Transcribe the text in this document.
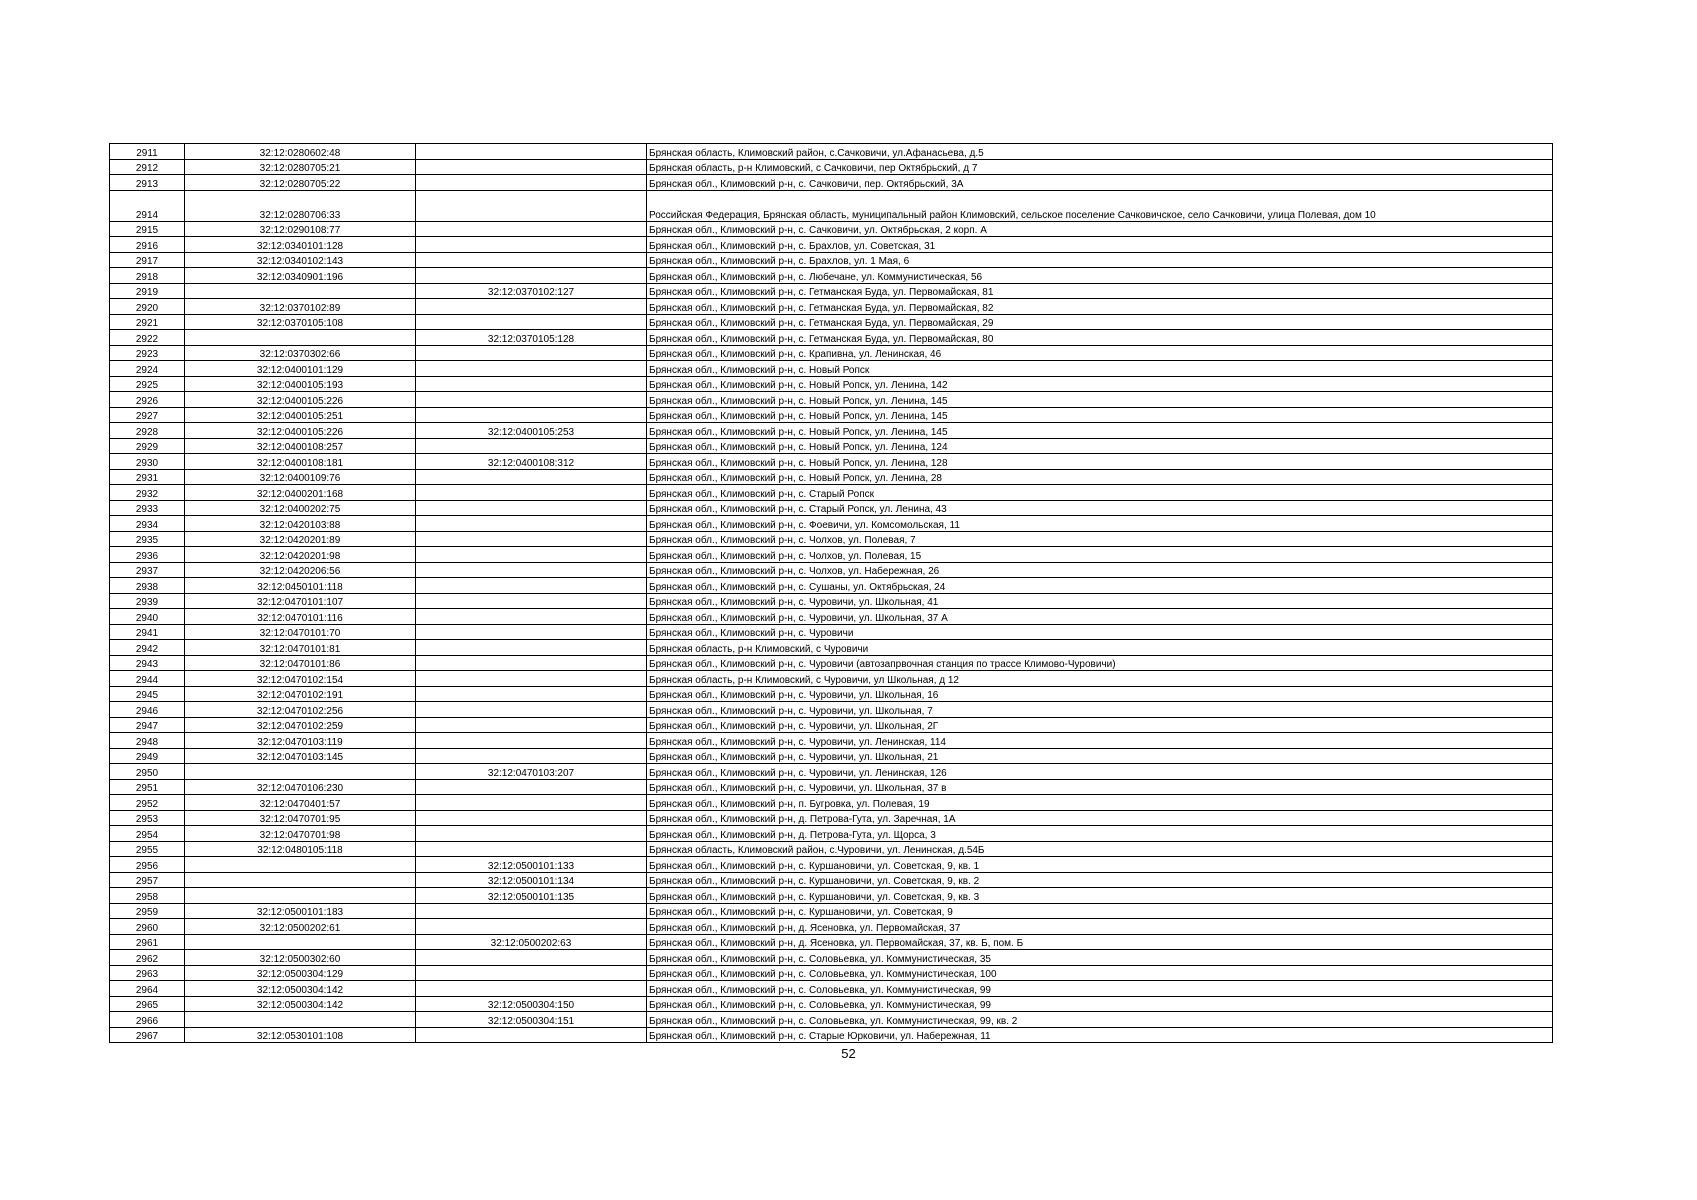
2911	32:12:0280602:48		Брянская область, Климовский район, с.Сачковичи, ул.Афанасьева, д.5
2912	32:12:0280705:21		Брянская область, р-н Климовский, с Сачковичи, пер Октябрьский, д 7
2913	32:12:0280705:22		Брянская обл., Климовский р-н, с. Сачковичи, пер. Октябрьский, 3А
2914	32:12:0280706:33		Российская Федерация, Брянская область, муниципальный район Климовский, сельское поселение Сачковичское, село Сачковичи, улица Полевая, дом 10
2915	32:12:0290108:77		Брянская обл., Климовский р-н, с. Сачковичи, ул. Октябрьская, 2 корп. А
2916	32:12:0340101:128		Брянская обл., Климовский р-н, с. Брахлов, ул. Советская, 31
2917	32:12:0340102:143		Брянская обл., Климовский р-н, с. Брахлов, ул. 1 Мая, 6
2918	32:12:0340901:196		Брянская обл., Климовский р-н, с. Любечане, ул. Коммунистическая, 56
2919		32:12:0370102:127	Брянская обл., Климовский р-н, с. Гетманская Буда, ул. Первомайская, 81
2920	32:12:0370102:89		Брянская обл., Климовский р-н, с. Гетманская Буда, ул. Первомайская, 82
2921	32:12:0370105:108		Брянская обл., Климовский р-н, с. Гетманская Буда, ул. Первомайская, 29
2922		32:12:0370105:128	Брянская обл., Климовский р-н, с. Гетманская Буда, ул. Первомайская, 80
2923	32:12:0370302:66		Брянская обл., Климовский р-н, с. Крапивна, ул. Ленинская, 46
2924	32:12:0400101:129		Брянская обл., Климовский р-н, с. Новый Ропск
2925	32:12:0400105:193		Брянская обл., Климовский р-н, с. Новый Ропск, ул. Ленина, 142
2926	32:12:0400105:226		Брянская обл., Климовский р-н, с. Новый Ропск, ул. Ленина, 145
2927	32:12:0400105:251		Брянская обл., Климовский р-н, с. Новый Ропск, ул. Ленина, 145
2928	32:12:0400105:226	32:12:0400105:253	Брянская обл., Климовский р-н, с. Новый Ропск, ул. Ленина, 145
2929	32:12:0400108:257		Брянская обл., Климовский р-н, с. Новый Ропск, ул. Ленина, 124
2930	32:12:0400108:181	32:12:0400108:312	Брянская обл., Климовский р-н, с. Новый Ропск, ул. Ленина, 128
2931	32:12:0400109:76		Брянская обл., Климовский р-н, с. Новый Ропск, ул. Ленина, 28
2932	32:12:0400201:168		Брянская обл., Климовский р-н, с. Старый Ропск
2933	32:12:0400202:75		Брянская обл., Климовский р-н, с. Старый Ропск, ул. Ленина, 43
2934	32:12:0420103:88		Брянская обл., Климовский р-н, с. Фоевичи, ул. Комсомольская, 11
2935	32:12:0420201:89		Брянская обл., Климовский р-н, с. Чолхов, ул. Полевая, 7
2936	32:12:0420201:98		Брянская обл., Климовский р-н, с. Чолхов, ул. Полевая, 15
2937	32:12:0420206:56		Брянская обл., Климовский р-н, с. Чолхов, ул. Набережная, 26
2938	32:12:0450101:118		Брянская обл., Климовский р-н, с. Сушаны, ул. Октябрьская, 24
2939	32:12:0470101:107		Брянская обл., Климовский р-н, с. Чуровичи, ул. Школьная, 41
2940	32:12:0470101:116		Брянская обл., Климовский р-н, с. Чуровичи, ул. Школьная, 37 А
2941	32:12:0470101:70		Брянская обл., Климовский р-н, с. Чуровичи
2942	32:12:0470101:81		Брянская область, р-н Климовский, с Чуровичи
2943	32:12:0470101:86		Брянская обл., Климовский р-н, с. Чуровичи (автозапрвочная станция по трассе Климово-Чуровичи)
2944	32:12:0470102:154		Брянская область, р-н Климовский, с Чуровичи, ул Школьная, д 12
2945	32:12:0470102:191		Брянская обл., Климовский р-н, с. Чуровичи, ул. Школьная, 16
2946	32:12:0470102:256		Брянская обл., Климовский р-н, с. Чуровичи, ул. Школьная, 7
2947	32:12:0470102:259		Брянская обл., Климовский р-н, с. Чуровичи, ул. Школьная, 2Г
2948	32:12:0470103:119		Брянская обл., Климовский р-н, с. Чуровичи, ул. Ленинская, 114
2949	32:12:0470103:145		Брянская обл., Климовский р-н, с. Чуровичи, ул. Школьная, 21
2950		32:12:0470103:207	Брянская обл., Климовский р-н, с. Чуровичи, ул. Ленинская, 126
2951	32:12:0470106:230		Брянская обл., Климовский р-н, с. Чуровичи, ул. Школьная, 37 в
2952	32:12:0470401:57		Брянская обл., Климовский р-н, п. Бугровка, ул. Полевая, 19
2953	32:12:0470701:95		Брянская обл., Климовский р-н, д. Петрова-Гута, ул. Заречная, 1А
2954	32:12:0470701:98		Брянская обл., Климовский р-н, д. Петрова-Гута, ул. Щорса, 3
2955	32:12:0480105:118		Брянская область, Климовский район, с.Чуровичи, ул. Ленинская, д.54Б
2956		32:12:0500101:133	Брянская обл., Климовский р-н, с. Куршановичи, ул. Советская, 9, кв. 1
2957		32:12:0500101:134	Брянская обл., Климовский р-н, с. Куршановичи, ул. Советская, 9, кв. 2
2958		32:12:0500101:135	Брянская обл., Климовский р-н, с. Куршановичи, ул. Советская, 9, кв. 3
2959	32:12:0500101:183		Брянская обл., Климовский р-н, с. Куршановичи, ул. Советская, 9
2960	32:12:0500202:61		Брянская обл., Климовский р-н, д. Ясеновка, ул. Первомайская, 37
2961		32:12:0500202:63	Брянская обл., Климовский р-н, д. Ясеновка, ул. Первомайская, 37, кв. Б, пом. Б
2962	32:12:0500302:60		Брянская обл., Климовский р-н, с. Соловьевка, ул. Коммунистическая, 35
2963	32:12:0500304:129		Брянская обл., Климовский р-н, с. Соловьевка, ул. Коммунистическая, 100
2964	32:12:0500304:142		Брянская обл., Климовский р-н, с. Соловьевка, ул. Коммунистическая, 99
2965	32:12:0500304:142	32:12:0500304:150	Брянская обл., Климовский р-н, с. Соловьевка, ул. Коммунистическая, 99
2966		32:12:0500304:151	Брянская обл., Климовский р-н, с. Соловьевка, ул. Коммунистическая, 99, кв. 2
2967	32:12:0530101:108		Брянская обл., Климовский р-н, с. Старые Юрковичи, ул. Набережная, 11
52
